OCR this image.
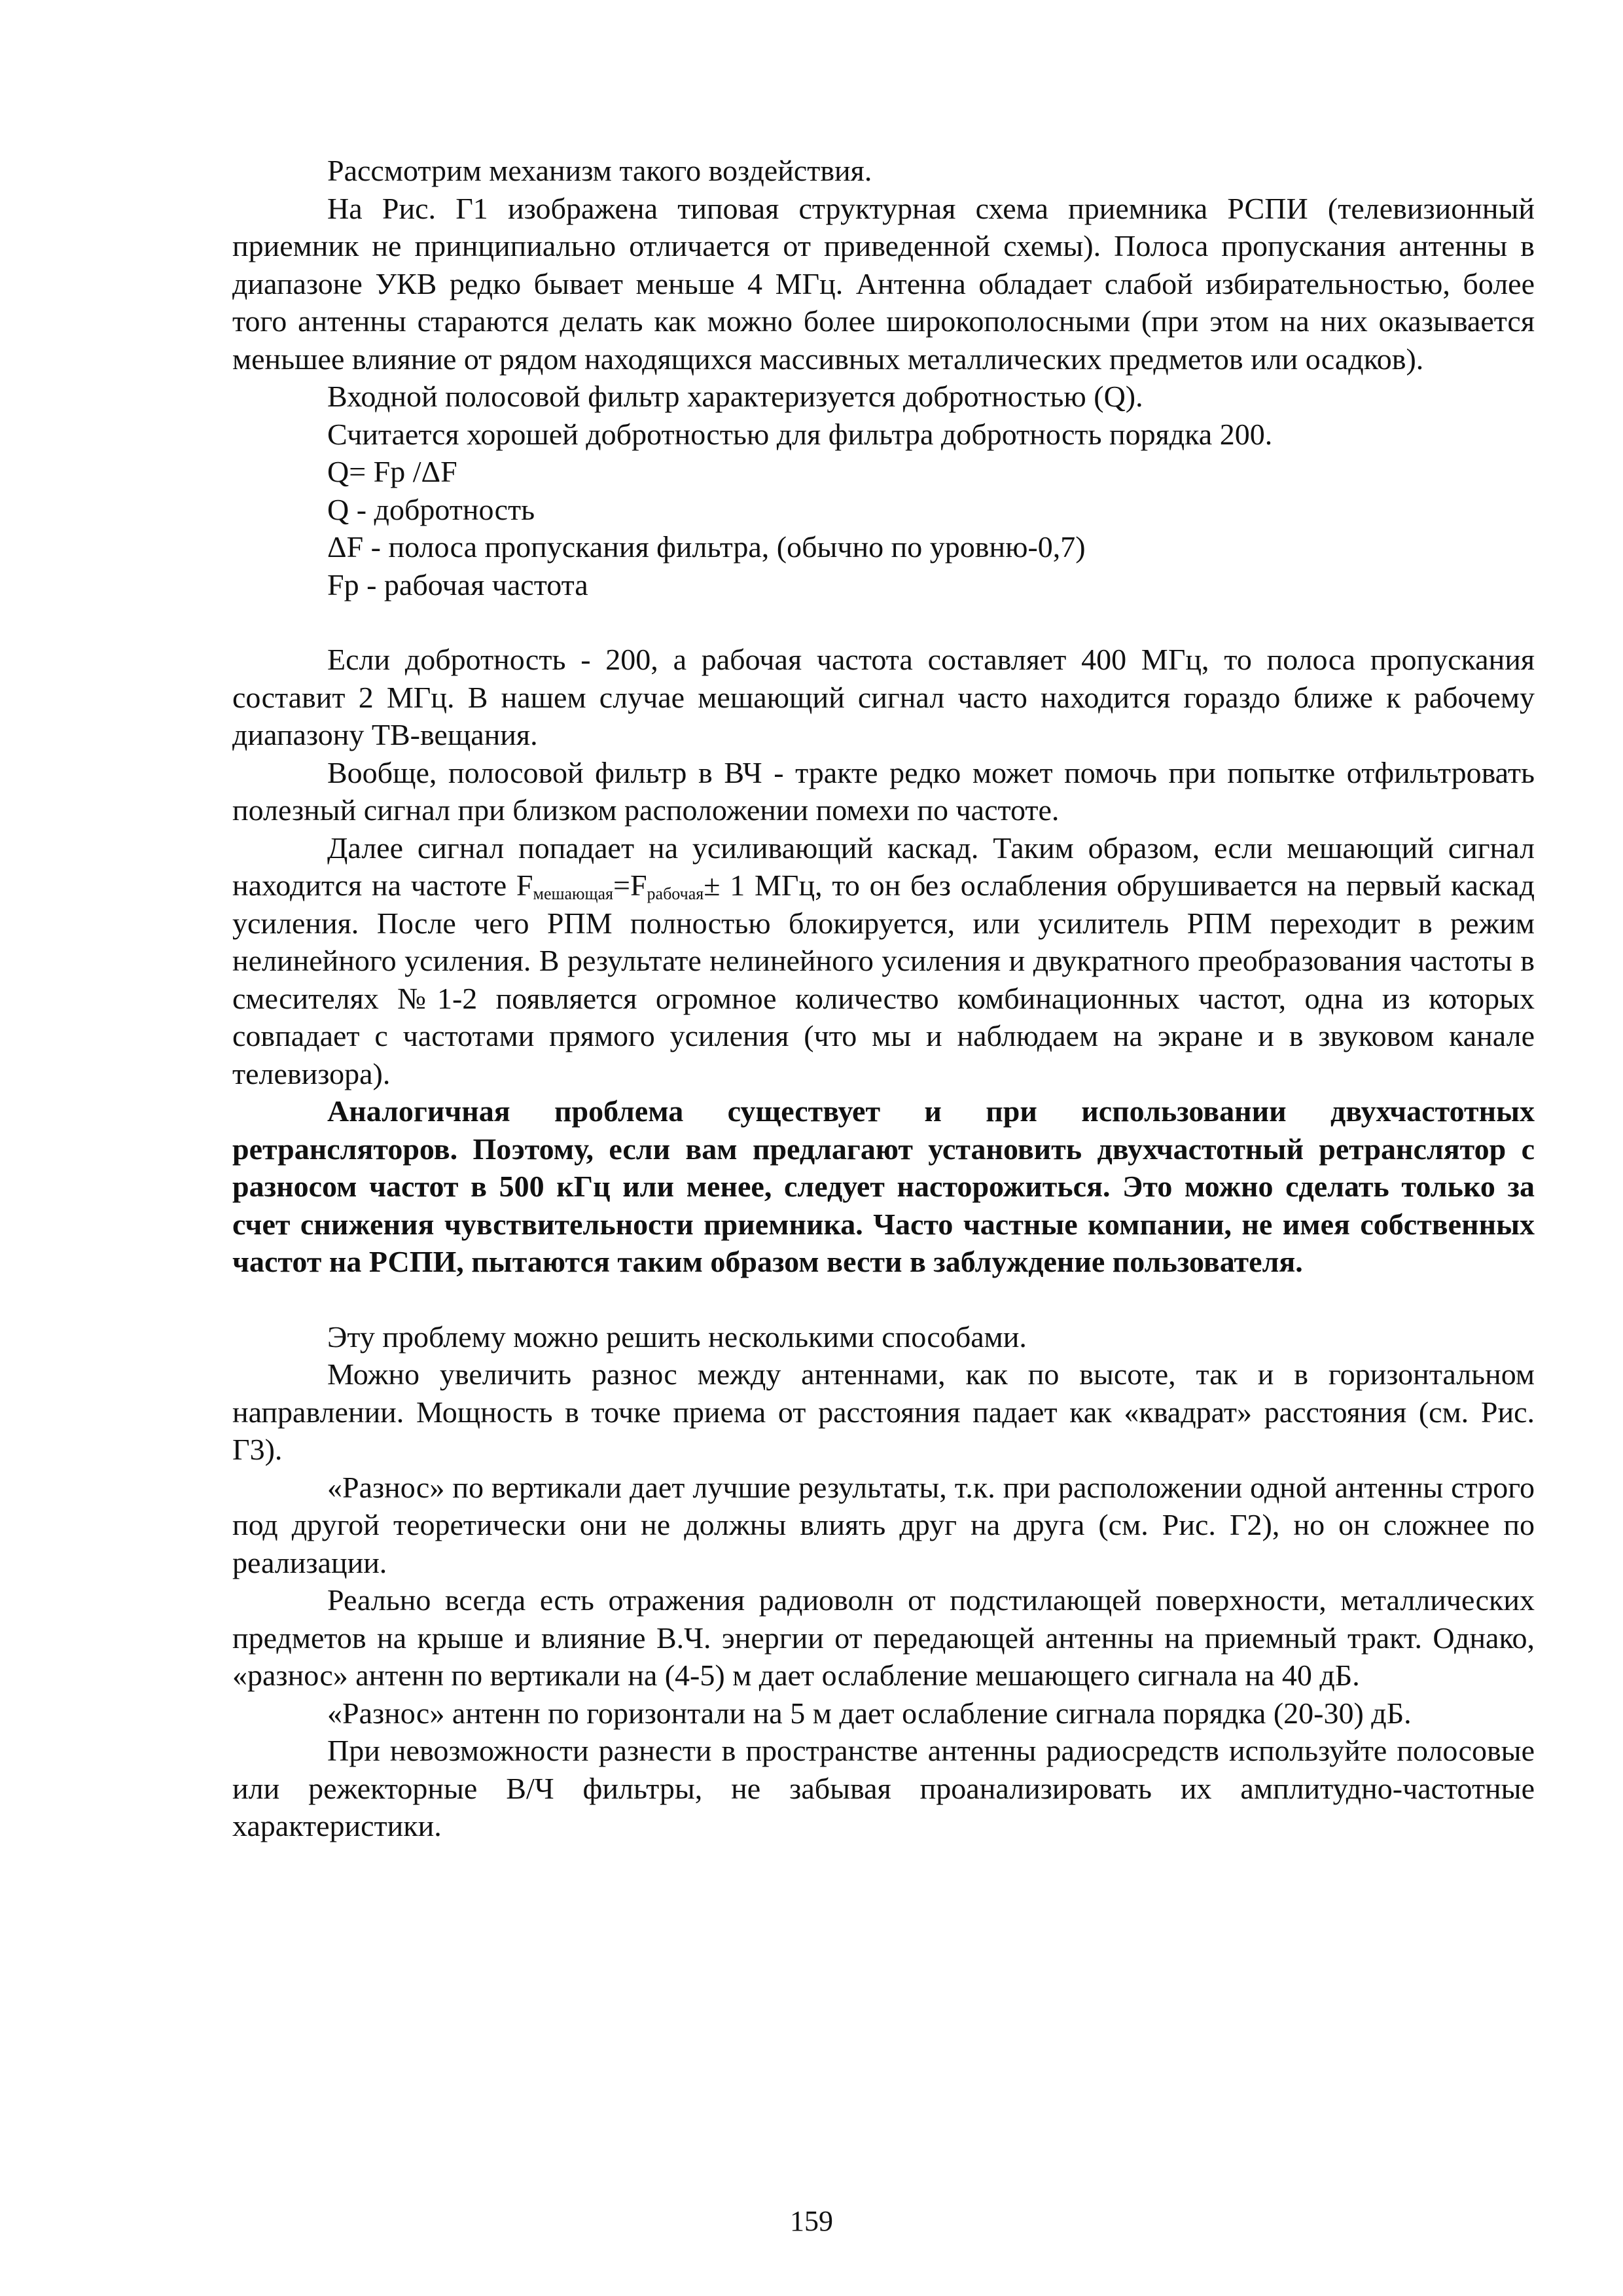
Рассмотрим механизм такого воздействия.

На Рис. Г1 изображена типовая структурная схема приемника РСПИ (телевизионный приемник не принципиально отличается от приведенной схемы). Полоса пропускания антенны в диапазоне УКВ редко бывает меньше 4 МГц. Антенна обладает слабой избирательностью, более того антенны стараются делать как можно более широкополосными (при этом на них оказывается меньшее влияние от рядом находящихся массивных металлических предметов или осадков).

Входной полосовой фильтр характеризуется добротностью (Q).

Считается хорошей добротностью для фильтра добротность порядка 200.

Q= Fp /ΔF

Q - добротность

ΔF - полоса пропускания фильтра, (обычно по уровню-0,7)

Fp - рабочая частота

Если добротность - 200, а рабочая частота составляет 400 МГц, то полоса пропускания составит 2 МГц. В нашем случае мешающий сигнал часто находится гораздо ближе к рабочему диапазону ТВ-вещания.

Вообще, полосовой фильтр в ВЧ - тракте редко может помочь при попытке отфильтровать полезный сигнал при близком расположении помехи по частоте.

Далее сигнал попадает на усиливающий каскад. Таким образом, если мешающий сигнал находится на частоте $F_{мешающая}=F_{рабочая}\pm 1$ МГц, то он без ослабления обрушивается на первый каскад усиления. После чего РПМ полностью блокируется, или усилитель РПМ переходит в режим нелинейного усиления. В результате нелинейного усиления и двукратного преобразования частоты в смесителях №1-2 появляется огромное количество комбинационных частот, одна из которых совпадает с частотами прямого усиления (что мы и наблюдаем на экране и в звуковом канале телевизора).

Аналогичная проблема существует и при использовании двухчастотных ретрансляторов. Поэтому, если вам предлагают установить двухчастотный ретранслятор с разносом частот в 500 кГц или менее, следует насторожиться. Это можно сделать только за счет снижения чувствительности приемника. Часто частные компании, не имея собственных частот на РСПИ, пытаются таким образом вести в заблуждение пользователя.

Эту проблему можно решить несколькими способами.

Можно увеличить разнос между антеннами, как по высоте, так и в горизонтальном направлении. Мощность в точке приема от расстояния падает как «квадрат» расстояния (см. Рис. Г3).

«Разнос» по вертикали дает лучшие результаты, т.к. при расположении одной антенны строго под другой теоретически они не должны влиять друг на друга (см. Рис. Г2), но он сложнее по реализации.

Реально всегда есть отражения радиоволн от подстилающей поверхности, металлических предметов на крыше и влияние В.Ч. энергии от передающей антенны на приемный тракт. Однако, «разнос» антенн по вертикали на (4-5) м дает ослабление мешающего сигнала на 40 дБ.

«Разнос» антенн по горизонтали на 5 м дает ослабление сигнала порядка (20-30) дБ.

При невозможности разнести в пространстве антенны радиосредств используйте полосовые или режекторные В/Ч фильтры, не забывая проанализировать их амплитудно-частотные характеристики.

159
